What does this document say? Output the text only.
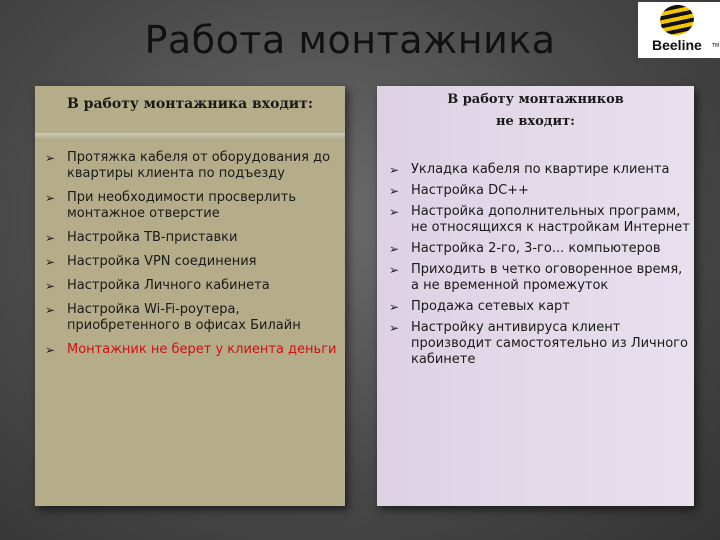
Работа монтажника	Beeline TM
В работу монтажника входит:
➢ Протяжка кабеля от оборудования до квартиры клиента по подъезду
➢ При необходимости просверлить монтажное отверстие
➢ Настройка ТВ-приставки
➢ Настройка VPN соединения
➢ Настройка Личного кабинета
➢ Настройка Wi-Fi-роутера, приобретенного в офисах Билайн
➢ Монтажник не берет у клиента деньги
В работу монтажников
не входит:
➢ Укладка кабеля по квартире клиента
➢ Настройка DC++
➢ Настройка дополнительных программ, не относящихся к настройкам Интернет
➢ Настройка 2-го, 3-го... компьютеров
➢ Приходить в четко оговоренное время, а не временной промежуток
➢ Продажа сетевых карт
➢ Настройку антивируса клиент производит самостоятельно из Личного кабинете
